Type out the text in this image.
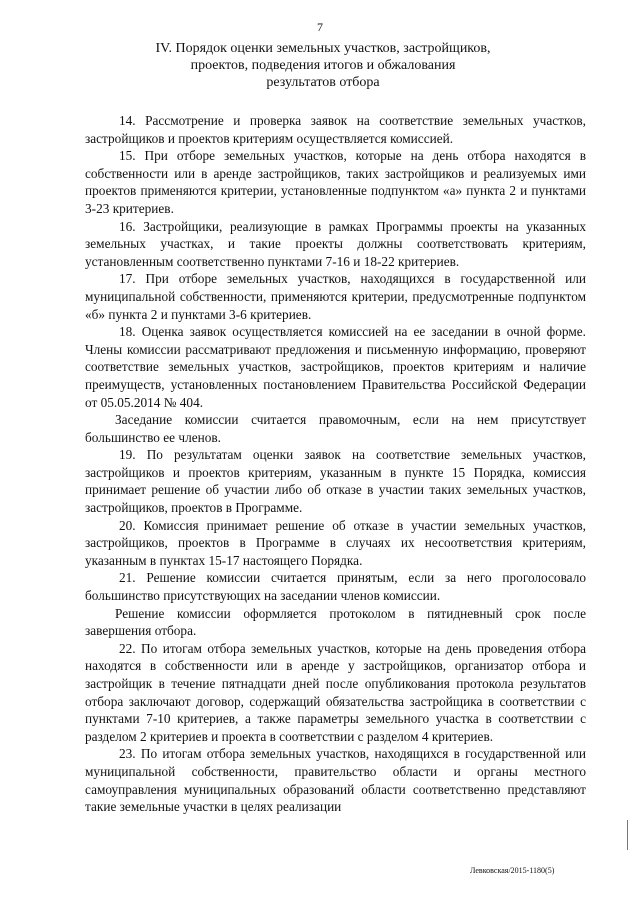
7
IV. Порядок оценки земельных участков, застройщиков,
проектов, подведения итогов и обжалования
результатов отбора

14. Рассмотрение и проверка заявок на соответствие земельных участков, застройщиков и проектов критериям осуществляется комиссией.

15. При отборе земельных участков, которые на день отбора находятся в собственности или в аренде застройщиков, таких застройщиков и реализуемых ими проектов применяются критерии, установленные подпунктом «а» пункта 2 и пунктами 3-23 критериев.

16. Застройщики, реализующие в рамках Программы проекты на указанных земельных участках, и такие проекты должны соответствовать критериям, установленным соответственно пунктами 7-16 и 18-22 критериев.

17. При отборе земельных участков, находящихся в государственной или муниципальной собственности, применяются критерии, предусмотренные подпунктом «б» пункта 2 и пунктами 3-6 критериев.

18. Оценка заявок осуществляется комиссией на ее заседании в очной форме. Члены комиссии рассматривают предложения и письменную информацию, проверяют соответствие земельных участков, застройщиков, проектов критериям и наличие преимуществ, установленных постановлением Правительства Российской Федерации от 05.05.2014 № 404.

Заседание комиссии считается правомочным, если на нем присутствует большинство ее членов.

19. По результатам оценки заявок на соответствие земельных участков, застройщиков и проектов критериям, указанным в пункте 15 Порядка, комиссия принимает решение об участии либо об отказе в участии таких земельных участков, застройщиков, проектов в Программе.

20. Комиссия принимает решение об отказе в участии земельных участков, застройщиков, проектов в Программе в случаях их несоответствия критериям, указанным в пунктах 15-17 настоящего Порядка.

21. Решение комиссии считается принятым, если за него проголосовало большинство присутствующих на заседании членов комиссии.

Решение комиссии оформляется протоколом в пятидневный срок после завершения отбора.

22. По итогам отбора земельных участков, которые на день проведения отбора находятся в собственности или в аренде у застройщиков, организатор отбора и застройщик в течение пятнадцати дней после опубликования протокола результатов отбора заключают договор, содержащий обязательства застройщика в соответствии с пунктами 7-10 критериев, а также параметры земельного участка в соответствии с разделом 2 критериев и проекта в соответствии с разделом 4 критериев.

23. По итогам отбора земельных участков, находящихся в государственной или муниципальной собственности, правительство области и органы местного самоуправления муниципальных образований области соответственно представляют такие земельные участки в целях реализации

Левковская/2015-1180(5)
